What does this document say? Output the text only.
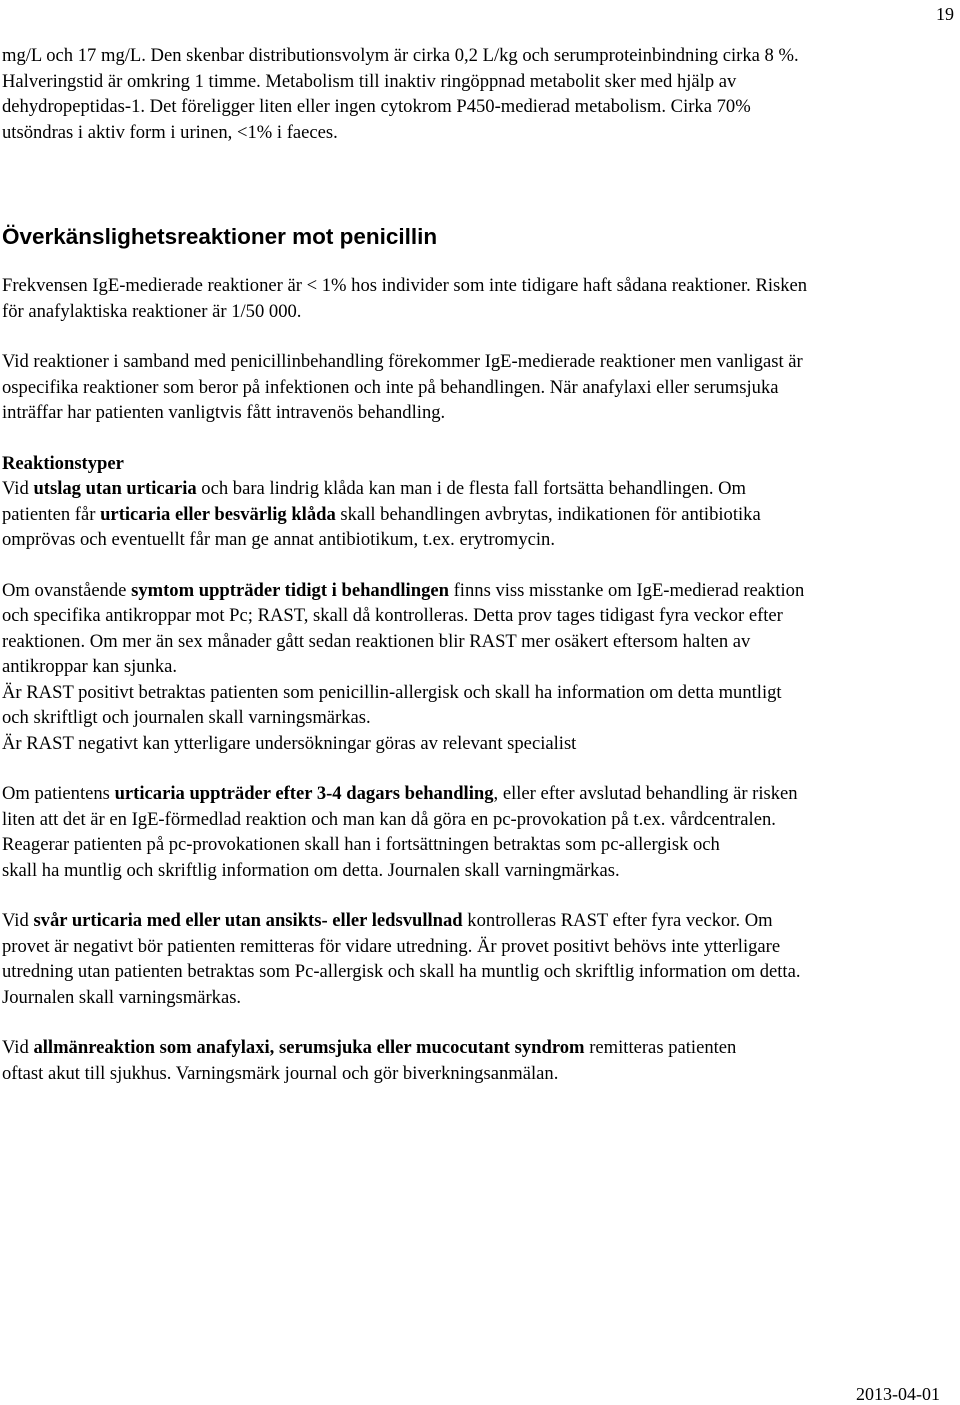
19

mg/L och 17 mg/L. Den skenbar distributionsvolym är cirka 0,2 L/kg och serumproteinbindning cirka 8 %.

Halveringstid är omkring 1 timme. Metabolism till inaktiv ringöppnad metabolit sker med hjälp av

dehydropeptidas-1. Det föreligger liten eller ingen cytokrom P450-medierad metabolism. Cirka 70%

utsöndras i aktiv form i urinen, <1% i faeces.

Överkänslighetsreaktioner mot penicillin

Frekvensen IgE-medierade reaktioner är < 1% hos individer som inte tidigare haft sådana reaktioner. Risken

för anafylaktiska reaktioner är 1/50 000.

Vid reaktioner i samband med penicillinbehandling förekommer IgE-medierade reaktioner men vanligast är

ospecifika reaktioner som beror på infektionen och inte på behandlingen. När anafylaxi eller serumsjuka

inträffar har patienten vanligtvis fått intravenös behandling.

Reaktionstyper

Vid utslag utan urticaria och bara lindrig klåda kan man i de flesta fall fortsätta behandlingen. Om

patienten får urticaria eller besvärlig klåda skall behandlingen avbrytas, indikationen för antibiotika

omprövas och eventuellt får man ge annat antibiotikum, t.ex. erytromycin.

Om ovanstående symtom uppträder tidigt i behandlingen finns viss misstanke om IgE-medierad reaktion

och specifika antikroppar mot Pc; RAST, skall då kontrolleras. Detta prov tages tidigast fyra veckor efter

reaktionen. Om mer än sex månader gått sedan reaktionen blir RAST mer osäkert eftersom halten av

antikroppar kan sjunka.

Är RAST positivt betraktas patienten som penicillin-allergisk och skall ha information om detta muntligt

och skriftligt och journalen skall varningsmärkas.

Är RAST negativt kan ytterligare undersökningar göras av relevant specialist

Om patientens urticaria uppträder efter 3-4 dagars behandling, eller efter avslutad behandling är risken

liten att det är en IgE-förmedlad reaktion och man kan då göra en pc-provokation på t.ex. vårdcentralen.

Reagerar patienten på pc-provokationen skall han i fortsättningen betraktas som pc-allergisk och

skall ha muntlig och skriftlig information om detta. Journalen skall varningmärkas.

Vid svår urticaria med eller utan ansikts- eller ledsvullnad kontrolleras RAST efter fyra veckor. Om

provet är negativt bör patienten remitteras för vidare utredning. Är provet positivt behövs inte ytterligare

utredning utan patienten betraktas som Pc-allergisk och skall ha muntlig och skriftlig information om detta.

Journalen skall varningsmärkas.

Vid allmänreaktion som anafylaxi, serumsjuka eller mucocutant syndrom remitteras patienten

oftast akut till sjukhus. Varningsmärk journal och gör biverkningsanmälan.

2013-04-01
